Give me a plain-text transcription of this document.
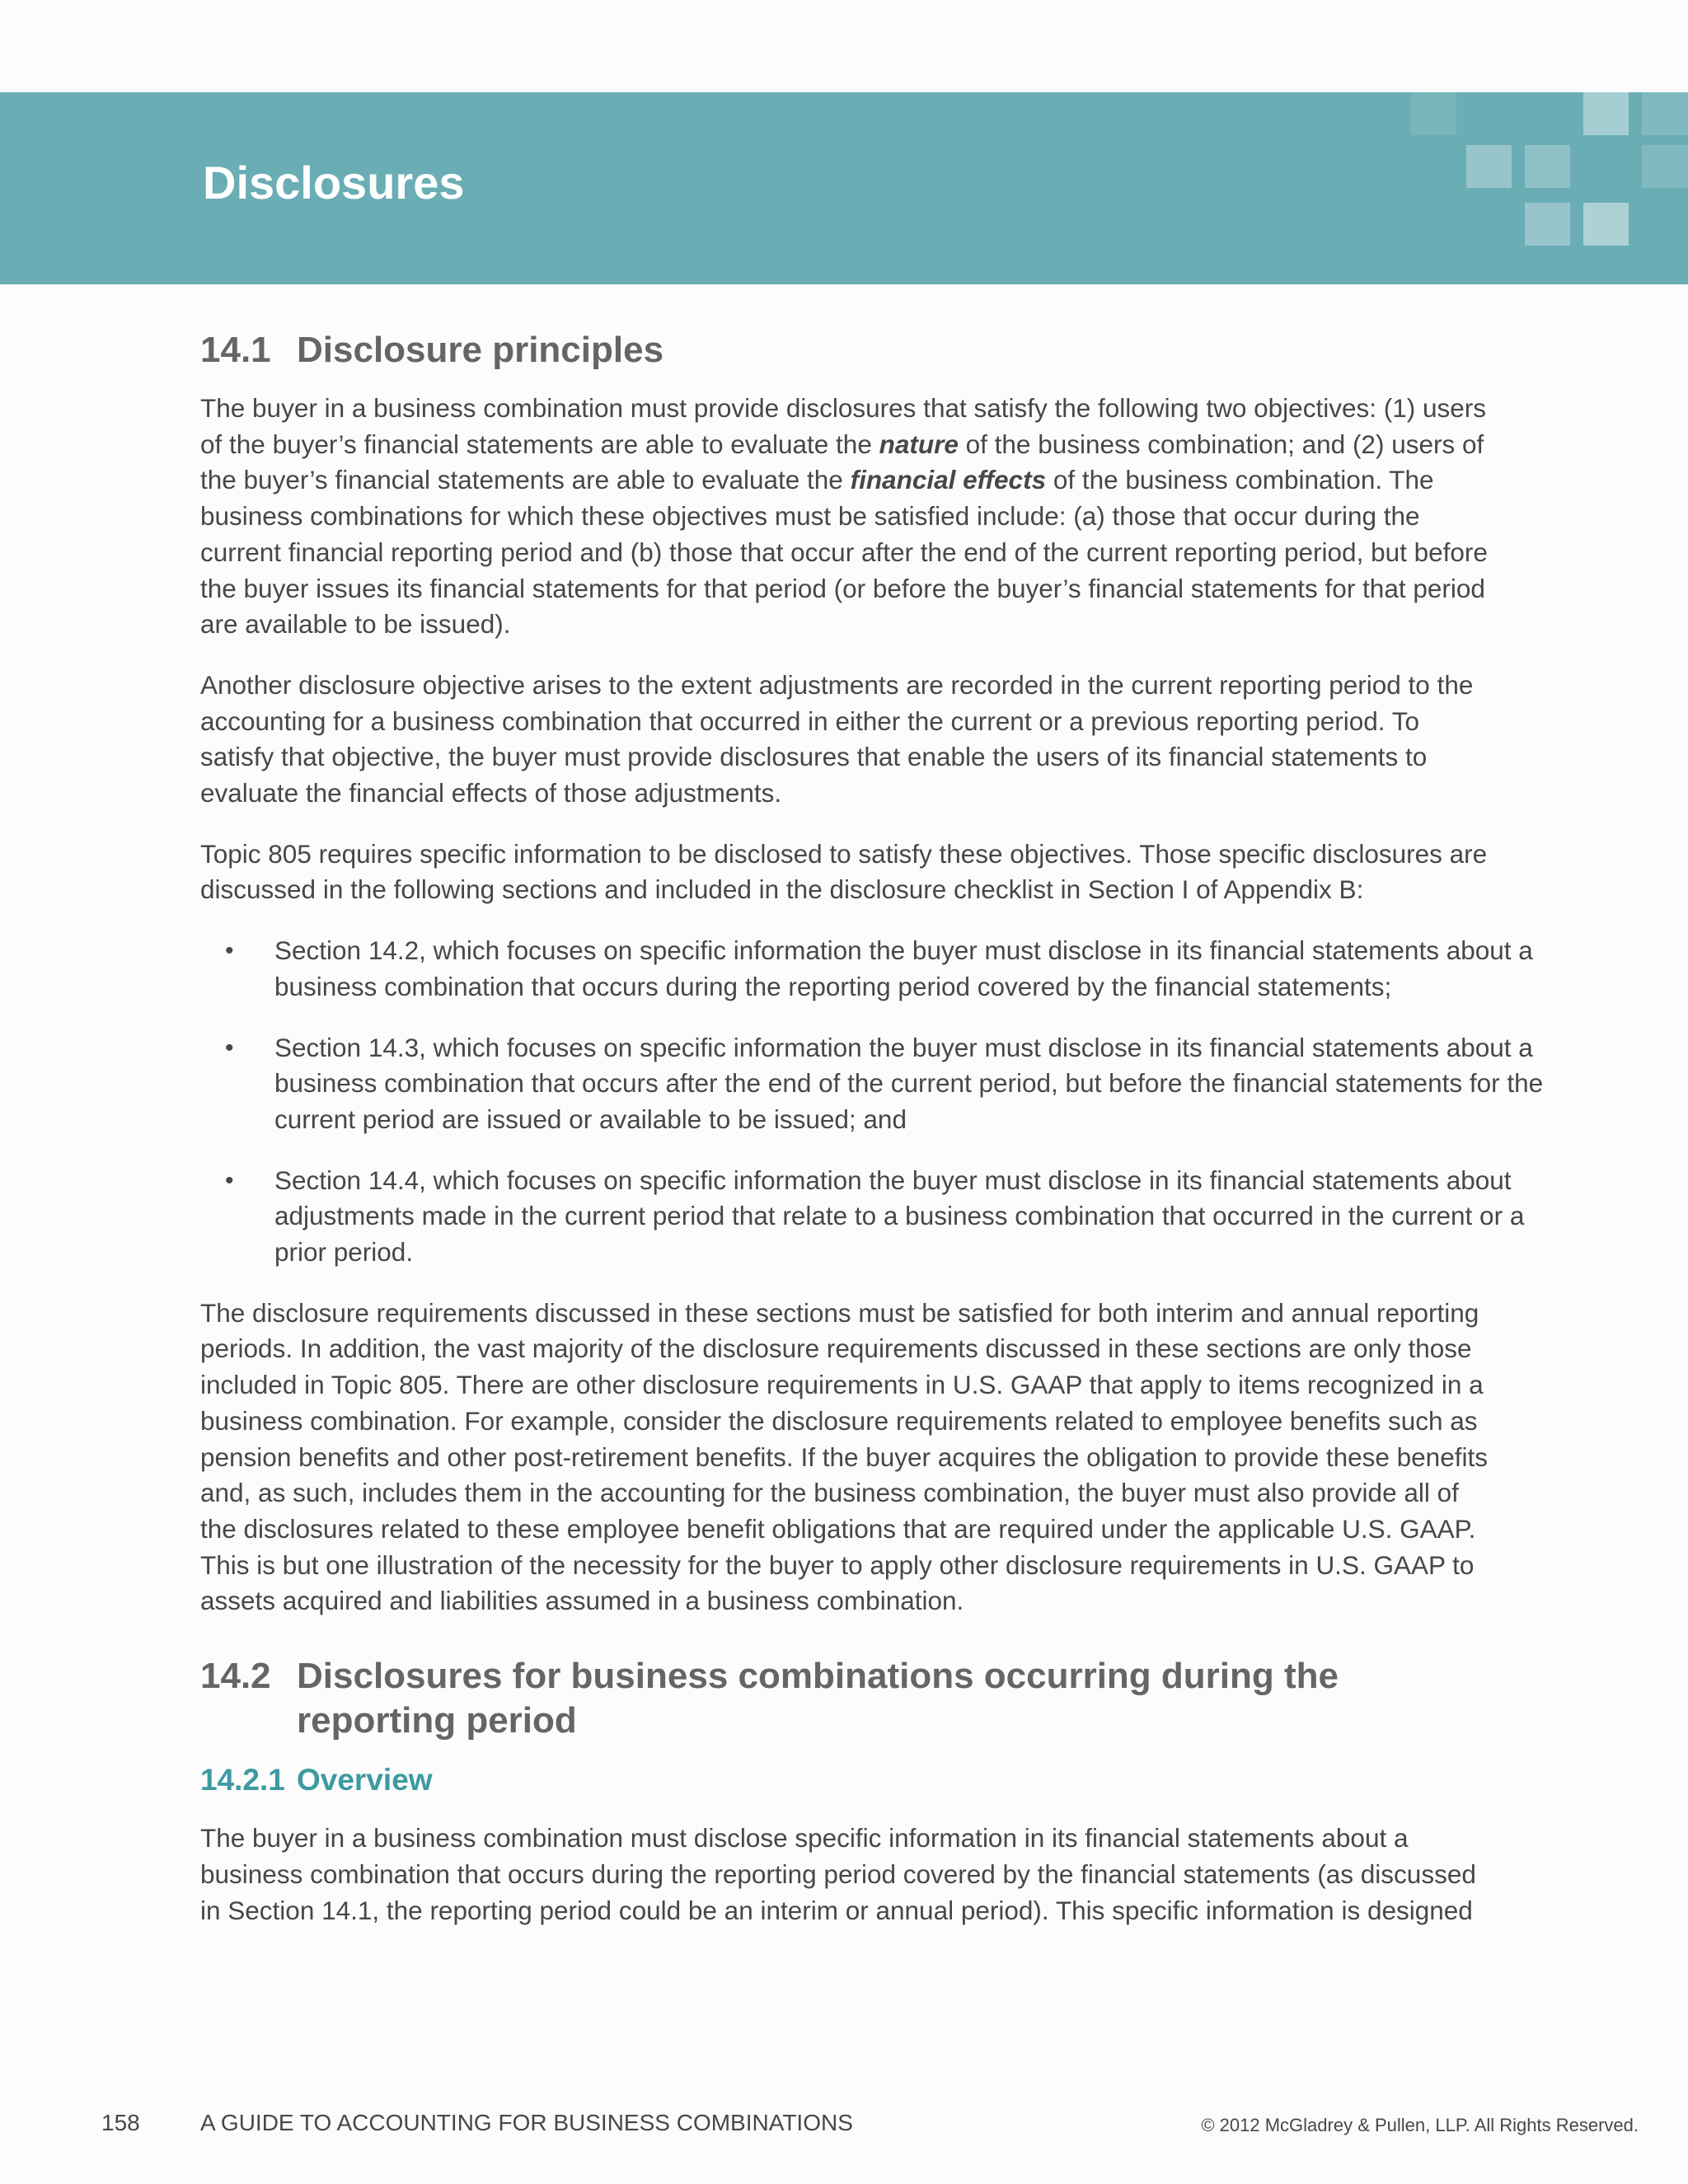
Disclosures
14.1 Disclosure principles

The buyer in a business combination must provide disclosures that satisfy the following two objectives: (1) users of the buyer’s financial statements are able to evaluate the nature of the business combination; and (2) users of the buyer’s financial statements are able to evaluate the financial effects of the business combination. The business combinations for which these objectives must be satisfied include: (a) those that occur during the current financial reporting period and (b) those that occur after the end of the current reporting period, but before the buyer issues its financial statements for that period (or before the buyer’s financial statements for that period are available to be issued).

Another disclosure objective arises to the extent adjustments are recorded in the current reporting period to the accounting for a business combination that occurred in either the current or a previous reporting period. To satisfy that objective, the buyer must provide disclosures that enable the users of its financial statements to evaluate the financial effects of those adjustments.

Topic 805 requires specific information to be disclosed to satisfy these objectives. Those specific disclosures are discussed in the following sections and included in the disclosure checklist in Section I of Appendix B:

• Section 14.2, which focuses on specific information the buyer must disclose in its financial statements about a business combination that occurs during the reporting period covered by the financial statements;
• Section 14.3, which focuses on specific information the buyer must disclose in its financial statements about a business combination that occurs after the end of the current period, but before the financial statements for the current period are issued or available to be issued; and
• Section 14.4, which focuses on specific information the buyer must disclose in its financial statements about adjustments made in the current period that relate to a business combination that occurred in the current or a prior period.

The disclosure requirements discussed in these sections must be satisfied for both interim and annual reporting periods. In addition, the vast majority of the disclosure requirements discussed in these sections are only those included in Topic 805. There are other disclosure requirements in U.S. GAAP that apply to items recognized in a business combination. For example, consider the disclosure requirements related to employee benefits such as pension benefits and other post-retirement benefits. If the buyer acquires the obligation to provide these benefits and, as such, includes them in the accounting for the business combination, the buyer must also provide all of the disclosures related to these employee benefit obligations that are required under the applicable U.S. GAAP. This is but one illustration of the necessity for the buyer to apply other disclosure requirements in U.S. GAAP to assets acquired and liabilities assumed in a business combination.

14.2 Disclosures for business combinations occurring during the reporting period
14.2.1 Overview

The buyer in a business combination must disclose specific information in its financial statements about a business combination that occurs during the reporting period covered by the financial statements (as discussed in Section 14.1, the reporting period could be an interim or annual period). This specific information is designed

158	A GUIDE TO ACCOUNTING FOR BUSINESS COMBINATIONS	© 2012 McGladrey & Pullen, LLP. All Rights Reserved.
